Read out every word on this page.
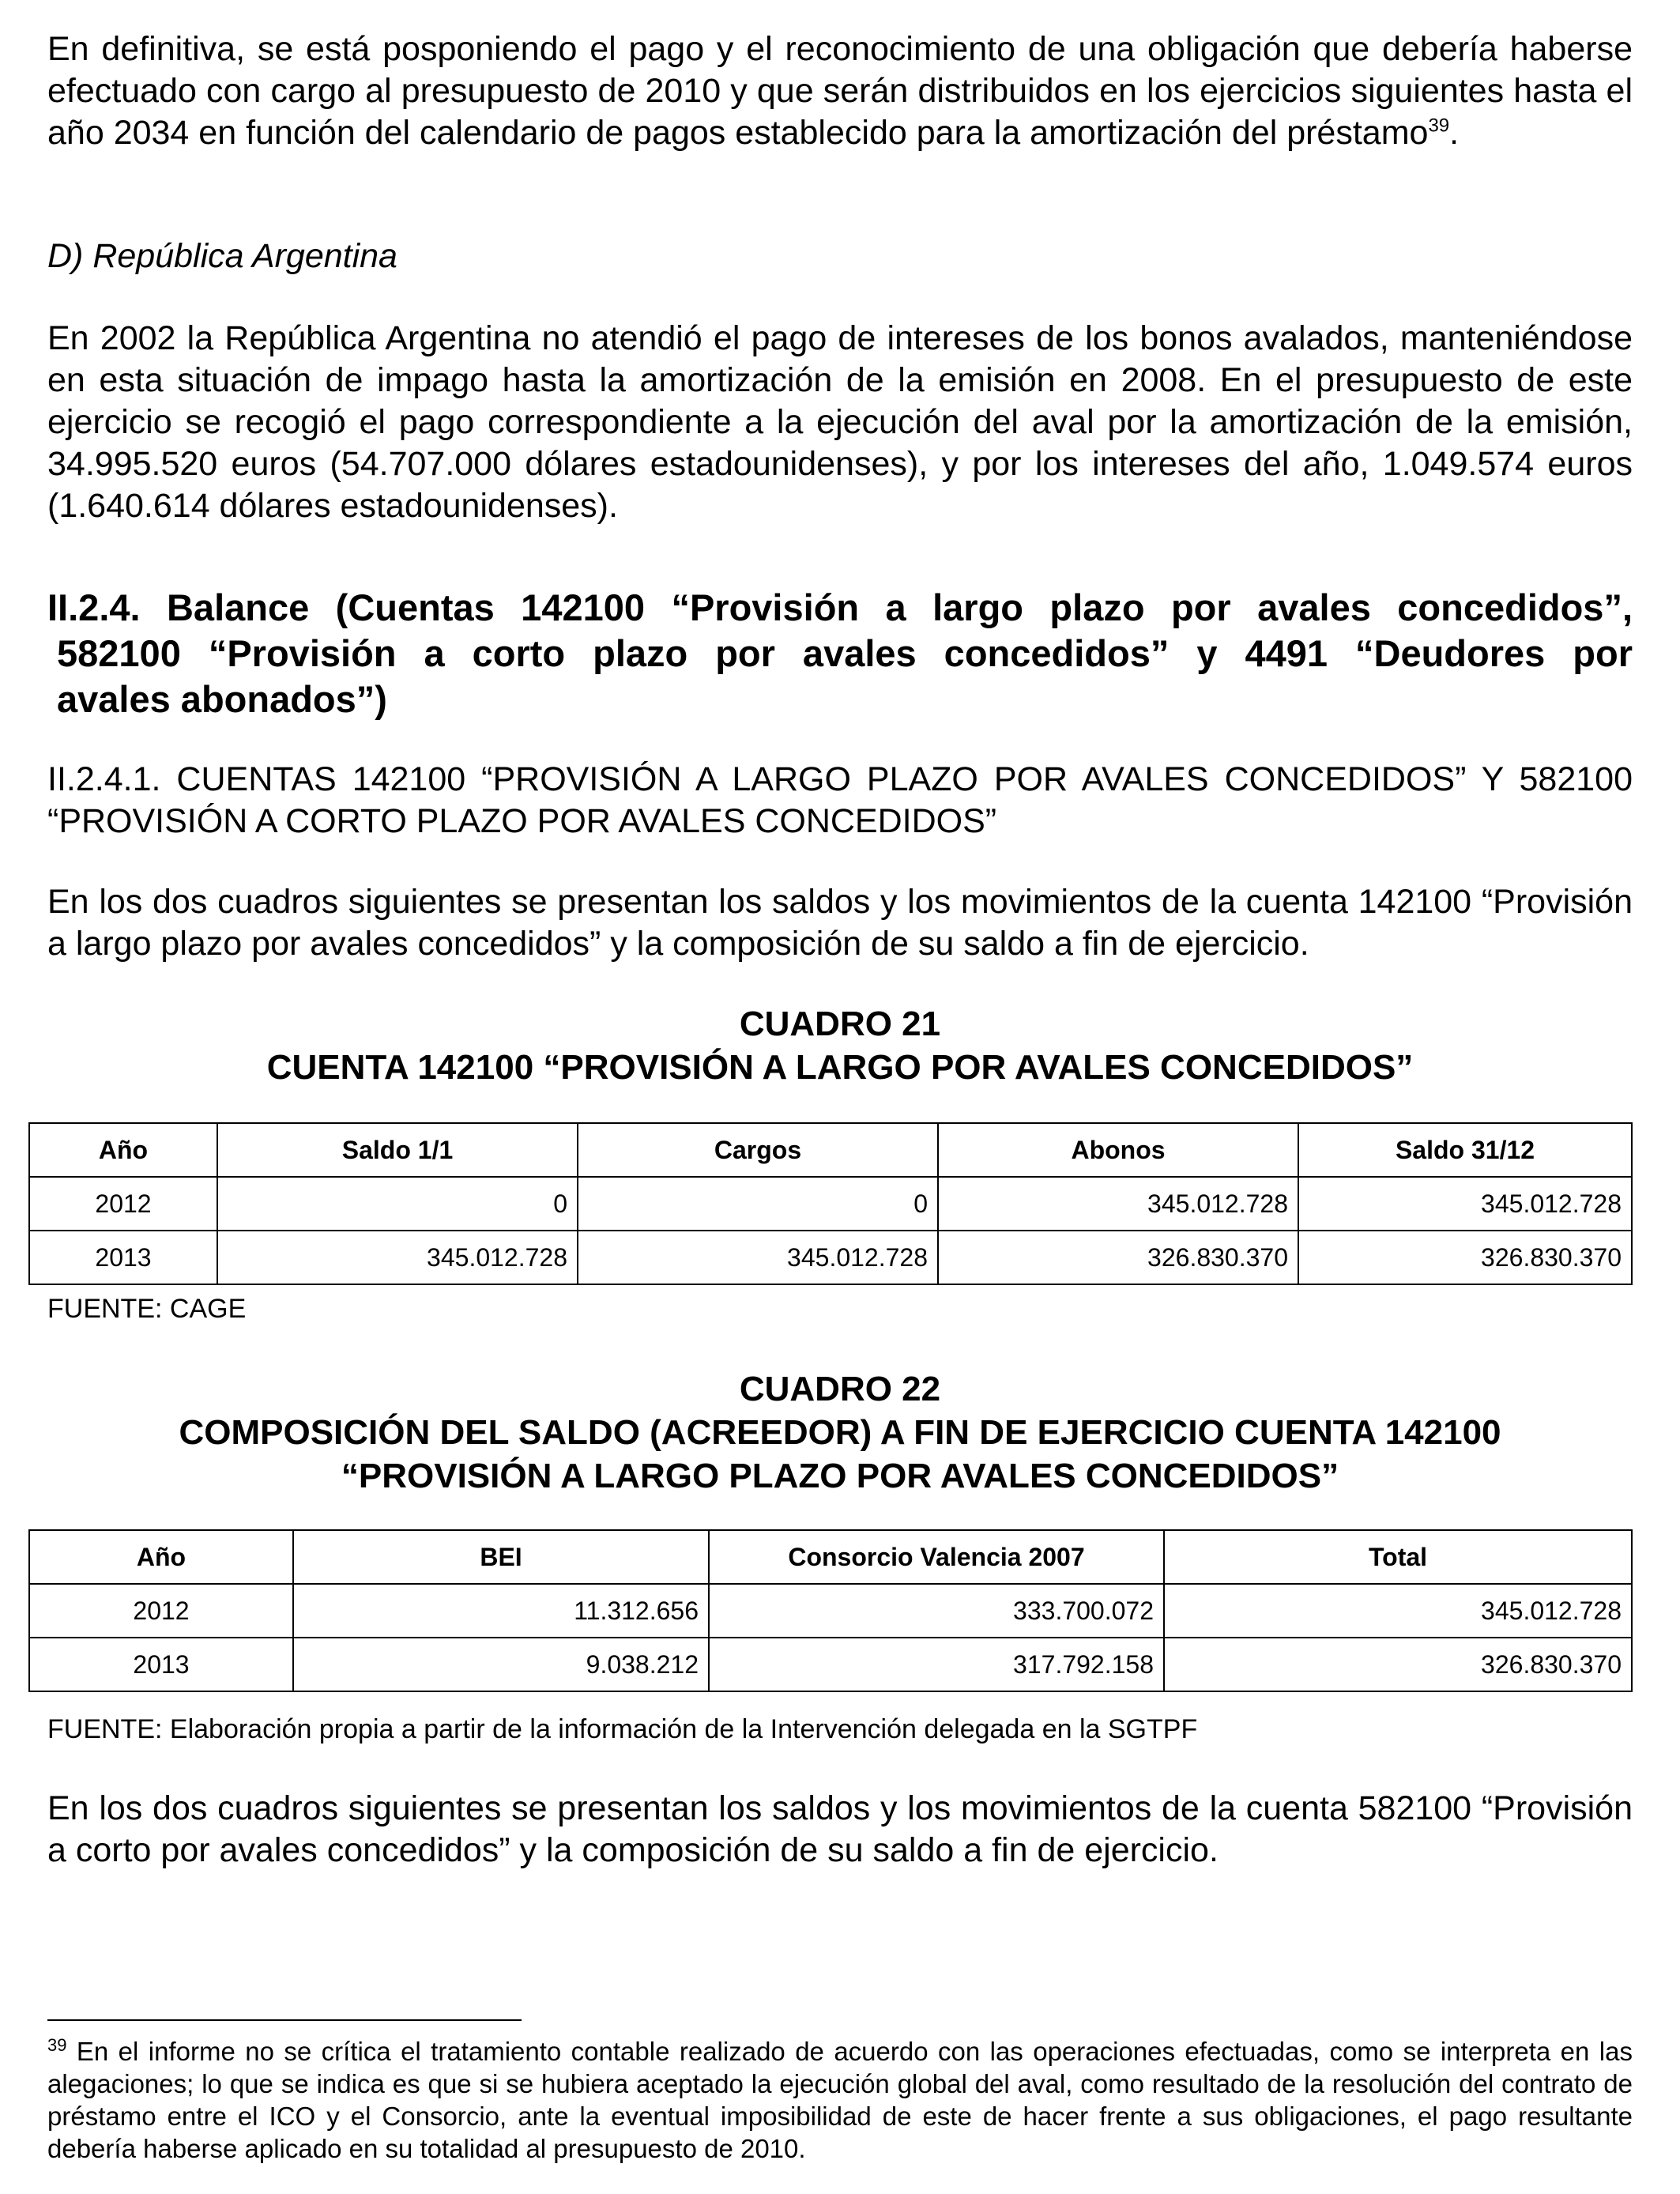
En definitiva, se está posponiendo el pago y el reconocimiento de una obligación que debería haberse efectuado con cargo al presupuesto de 2010 y que serán distribuidos en los ejercicios siguientes hasta el año 2034 en función del calendario de pagos establecido para la amortización del préstamo$^{39}$.

D) República Argentina

En 2002 la República Argentina no atendió el pago de intereses de los bonos avalados, manteniéndose en esta situación de impago hasta la amortización de la emisión en 2008. En el presupuesto de este ejercicio se recogió el pago correspondiente a la ejecución del aval por la amortización de la emisión, 34.995.520 euros (54.707.000 dólares estadounidenses), y por los intereses del año, 1.049.574 euros (1.640.614 dólares estadounidenses).

II.2.4. Balance (Cuentas 142100 “Provisión a largo plazo por avales concedidos”,
582100 “Provisión a corto plazo por avales concedidos” y 4491 “Deudores por
avales abonados”)

II.2.4.1. CUENTAS 142100 “PROVISIÓN A LARGO PLAZO POR AVALES CONCEDIDOS” Y 582100 “PROVISIÓN A CORTO PLAZO POR AVALES CONCEDIDOS”

En los dos cuadros siguientes se presentan los saldos y los movimientos de la cuenta 142100 “Provisión a largo plazo por avales concedidos” y la composición de su saldo a fin de ejercicio.

CUADRO 21

CUENTA 142100 “PROVISIÓN A LARGO POR AVALES CONCEDIDOS”

Año	Saldo 1/1	Cargos	Abonos	Saldo 31/12
2012	0	0	345.012.728	345.012.728
2013	345.012.728	345.012.728	326.830.370	326.830.370

FUENTE: CAGE

CUADRO 22

COMPOSICIÓN DEL SALDO (ACREEDOR) A FIN DE EJERCICIO CUENTA 142100

“PROVISIÓN A LARGO PLAZO POR AVALES CONCEDIDOS”

Año	BEI	Consorcio Valencia 2007	Total
2012	11.312.656	333.700.072	345.012.728
2013	9.038.212	317.792.158	326.830.370

FUENTE: Elaboración propia a partir de la información de la Intervención delegada en la SGTPF

En los dos cuadros siguientes se presentan los saldos y los movimientos de la cuenta 582100 “Provisión a corto por avales concedidos” y la composición de su saldo a fin de ejercicio.

$^{39}$ En el informe no se crítica el tratamiento contable realizado de acuerdo con las operaciones efectuadas, como se interpreta en las alegaciones; lo que se indica es que si se hubiera aceptado la ejecución global del aval, como resultado de la resolución del contrato de préstamo entre el ICO y el Consorcio, ante la eventual imposibilidad de este de hacer frente a sus obligaciones, el pago resultante debería haberse aplicado en su totalidad al presupuesto de 2010.
